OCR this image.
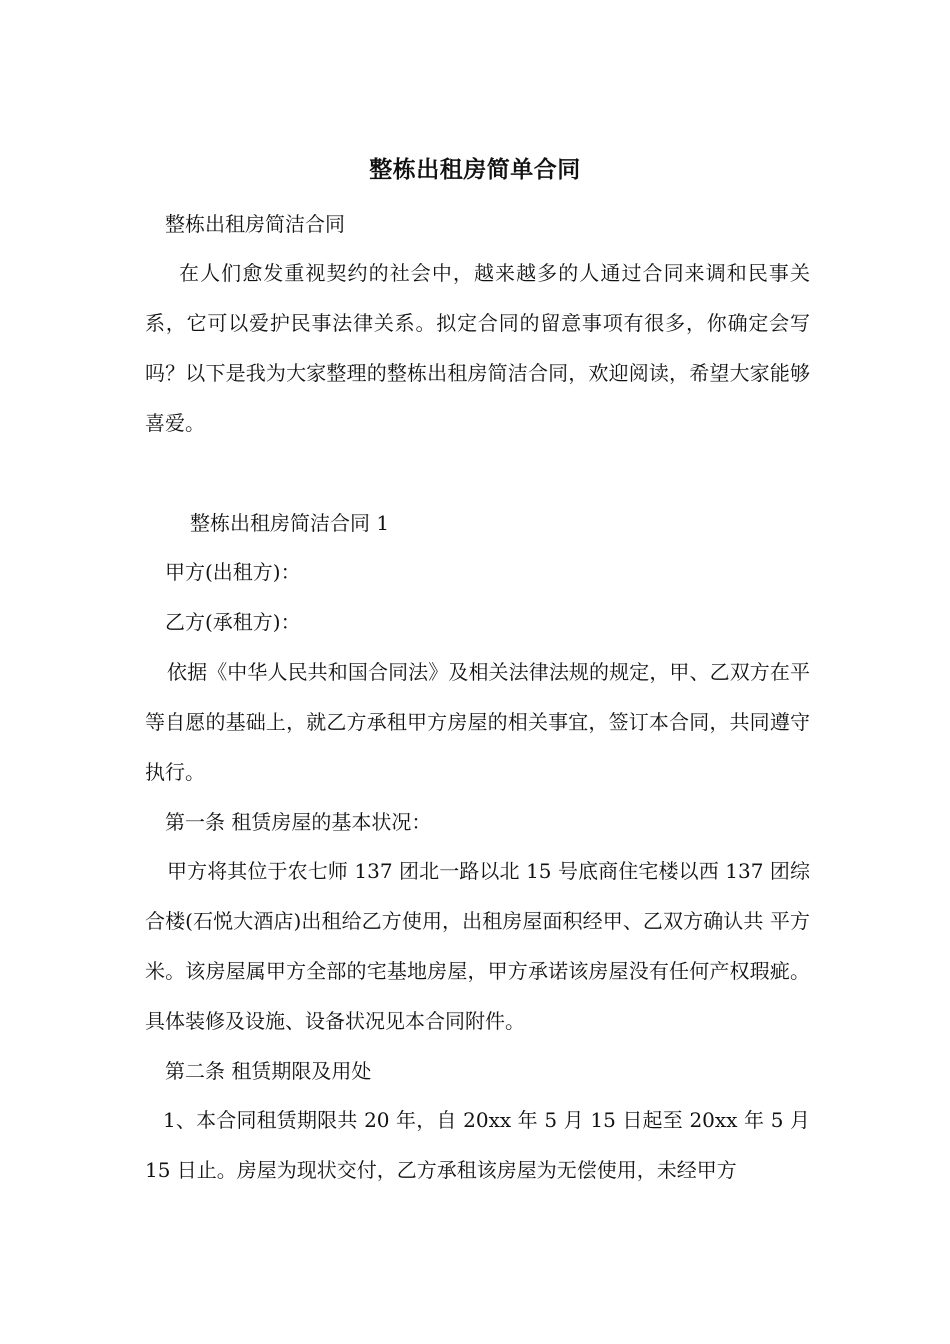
整栋出租房简单合同
整栋出租房简洁合同
在人们愈发重视契约的社会中，越来越多的人通过合同来调和民事关系，它可以爱护民事法律关系。拟定合同的留意事项有很多，你确定会写吗？以下是我为大家整理的整栋出租房简洁合同，欢迎阅读，希望大家能够喜爱。
整栋出租房简洁合同 1
甲方(出租方)：
乙方(承租方)：
依据《中华人民共和国合同法》及相关法律法规的规定，甲、乙双方在平等自愿的基础上，就乙方承租甲方房屋的相关事宜，签订本合同，共同遵守执行。
第一条 租赁房屋的基本状况：
甲方将其位于农七师 137 团北一路以北 15 号底商住宅楼以西 137 团综合楼(石悦大酒店)出租给乙方使用，出租房屋面积经甲、乙双方确认共 平方米。该房屋属甲方全部的宅基地房屋，甲方承诺该房屋没有任何产权瑕疵。具体装修及设施、设备状况见本合同附件。
第二条 租赁期限及用处
1、本合同租赁期限共 20 年，自 20xx 年 5 月 15 日起至 20xx 年 5 月 15 日止。房屋为现状交付，乙方承租该房屋为无偿使用，未经甲方
